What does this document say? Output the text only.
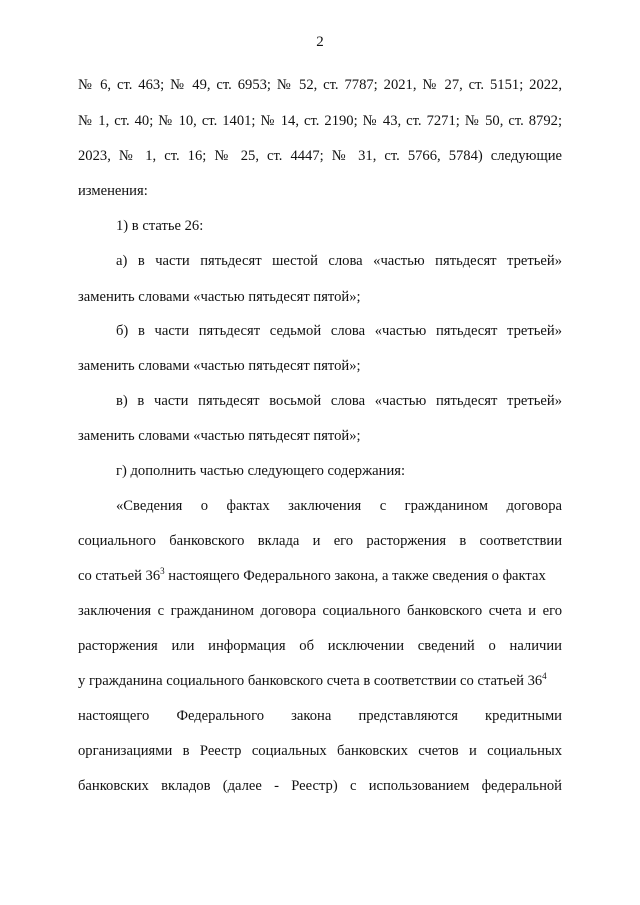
2
№ 6, ст. 463; № 49, ст. 6953; № 52, ст. 7787; 2021, № 27, ст. 5151; 2022,
№ 1, ст. 40; № 10, ст. 1401; № 14, ст. 2190; № 43, ст. 7271; № 50, ст. 8792;
2023, № 1, ст. 16; № 25, ст. 4447; № 31, ст. 5766, 5784) следующие
изменения:
1) в статье 26:
а) в части пятьдесят шестой слова «частью пятьдесят третьей»
заменить словами «частью пятьдесят пятой»;
б) в части пятьдесят седьмой слова «частью пятьдесят третьей»
заменить словами «частью пятьдесят пятой»;
в) в части пятьдесят восьмой слова «частью пятьдесят третьей»
заменить словами «частью пятьдесят пятой»;
г) дополнить частью следующего содержания:
«Сведения о фактах заключения с гражданином договора
социального банковского вклада и его расторжения в соответствии
со статьей $36^3$ настоящего Федерального закона, а также сведения о фактах
заключения с гражданином договора социального банковского счета и его
расторжения или информация об исключении сведений о наличии
у гражданина социального банковского счета в соответствии со статьей $36^4$
настоящего Федерального закона представляются кредитными
организациями в Реестр социальных банковских счетов и социальных
банковских вкладов (далее - Реестр) с использованием федеральной
